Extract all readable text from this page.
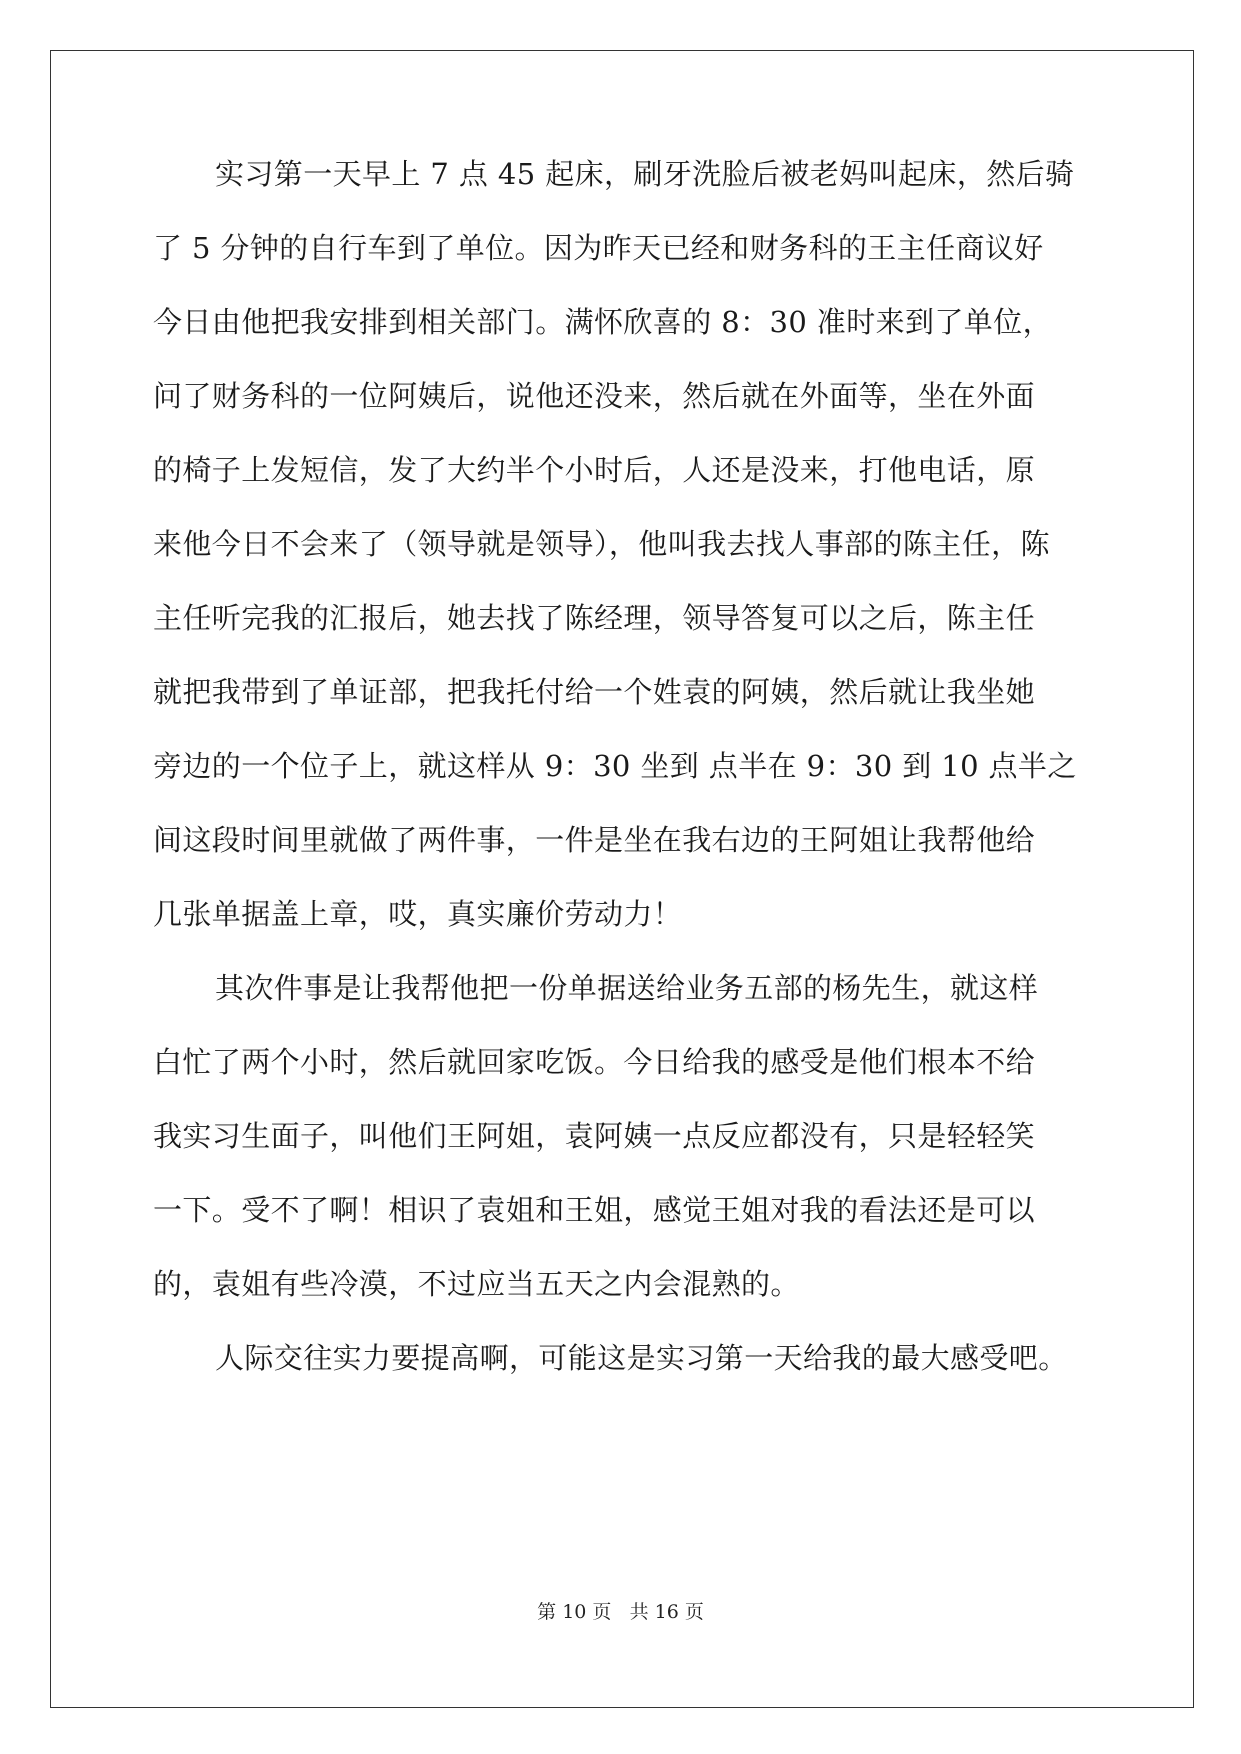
实习第一天早上 7 点 45 起床，刷牙洗脸后被老妈叫起床，然后骑
了 5 分钟的自行车到了单位。因为昨天已经和财务科的王主任商议好
今日由他把我安排到相关部门。满怀欣喜的 8：30 准时来到了单位，
问了财务科的一位阿姨后，说他还没来，然后就在外面等，坐在外面
的椅子上发短信，发了大约半个小时后，人还是没来，打他电话，原
来他今日不会来了（领导就是领导），他叫我去找人事部的陈主任，陈
主任听完我的汇报后，她去找了陈经理，领导答复可以之后，陈主任
就把我带到了单证部，把我托付给一个姓袁的阿姨，然后就让我坐她
旁边的一个位子上，就这样从 9：30 坐到 点半在 9：30 到 10 点半之
间这段时间里就做了两件事，一件是坐在我右边的王阿姐让我帮他给
几张单据盖上章，哎，真实廉价劳动力！
其次件事是让我帮他把一份单据送给业务五部的杨先生，就这样
白忙了两个小时，然后就回家吃饭。今日给我的感受是他们根本不给
我实习生面子，叫他们王阿姐，袁阿姨一点反应都没有，只是轻轻笑
一下。受不了啊！相识了袁姐和王姐，感觉王姐对我的看法还是可以
的，袁姐有些冷漠，不过应当五天之内会混熟的。
人际交往实力要提高啊，可能这是实习第一天给我的最大感受吧。
第 10 页 共 16 页
